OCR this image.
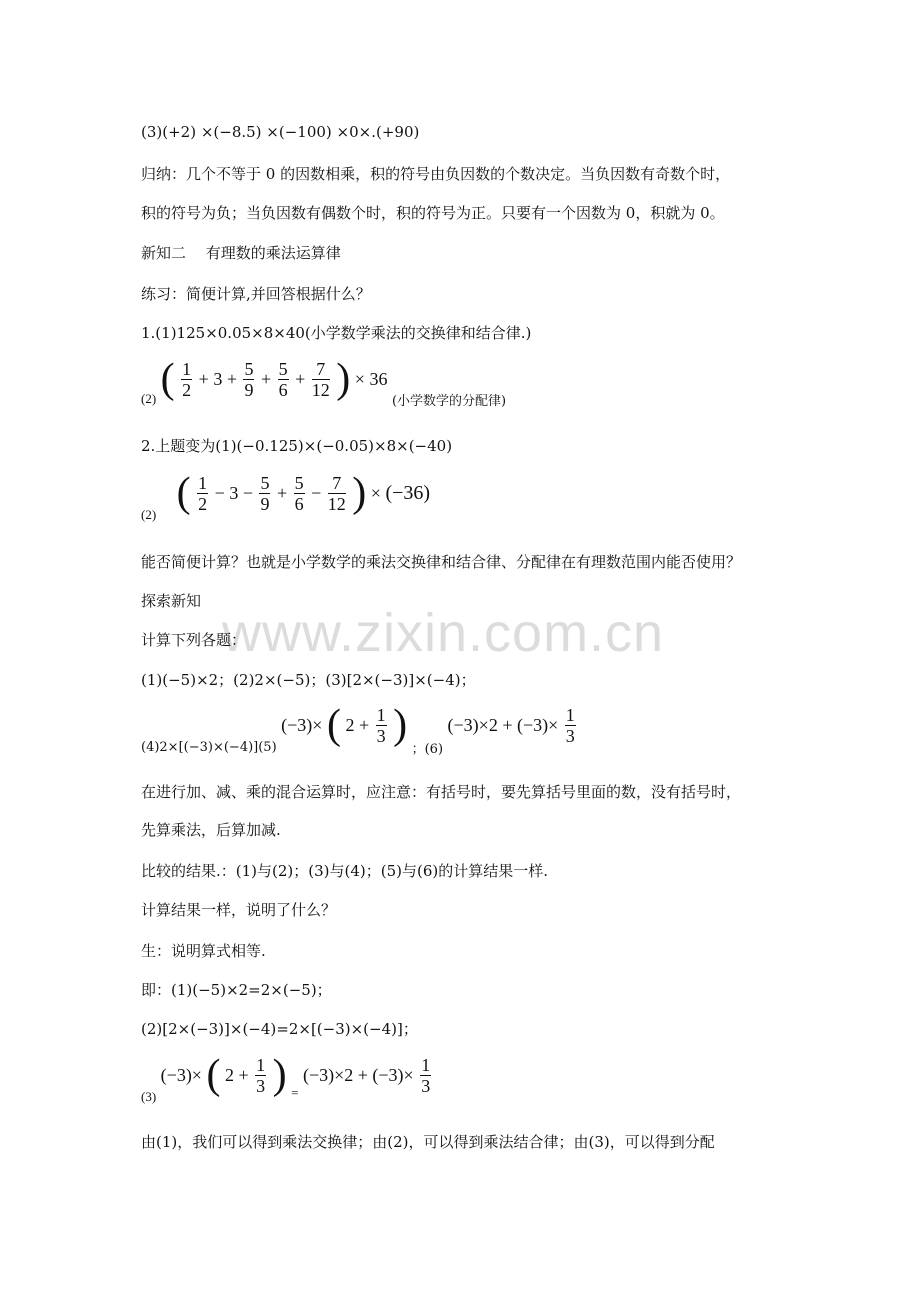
www.zixin.com.cn
(3)(+2) ×(−8.5) ×(−100) ×0×.(+90)
归纳：几个不等于 0 的因数相乘，积的符号由负因数的个数决定。当负因数有奇数个时，
积的符号为负；当负因数有偶数个时，积的符号为正。只要有一个因数为 0，积就为 0。
新知二　 有理数的乘法运算律
练习：简便计算,并回答根据什么？
1.(1)125×0.05×8×40(小学数学乘法的交换律和结合律.)
(2) ( $\frac{1}{2} + 3 + \frac{5}{9} + \frac{5}{6} + \frac{7}{12}$ ) × 36 (小学数学的分配律)
2.上题变为(1)(−0.125)×(−0.05)×8×(−40)
(2) ( $\frac{1}{2} - 3 - \frac{5}{9} + \frac{5}{6} - \frac{7}{12}$ ) × (−36)
能否简便计算？也就是小学数学的乘法交换律和结合律、分配律在有理数范围内能否使用？
探索新知
计算下列各题：
(1)(−5)×2；(2)2×(−5)；(3)[2×(−3)]×(−4)；
(4)2×[(−3)×(−4)](5) (−3)× ( $2 + \frac{1}{3}$ ) ；(6) $(-3)\times 2 + (-3)\times \frac{1}{3}$
在进行加、减、乘的混合运算时，应注意：有括号时，要先算括号里面的数，没有括号时，
先算乘法，后算加减.
比较的结果.：(1)与(2)；(3)与(4)；(5)与(6)的计算结果一样.
计算结果一样，说明了什么？
生：说明算式相等.
即：(1)(−5)×2=2×(−5)；
(2)[2×(−3)]×(−4)=2×[(−3)×(−4)]；
(3) (−3)× ( $2 + \frac{1}{3}$ ) = $(-3)\times 2 + (-3)\times \frac{1}{3}$
由(1)，我们可以得到乘法交换律；由(2)，可以得到乘法结合律；由(3)，可以得到分配
